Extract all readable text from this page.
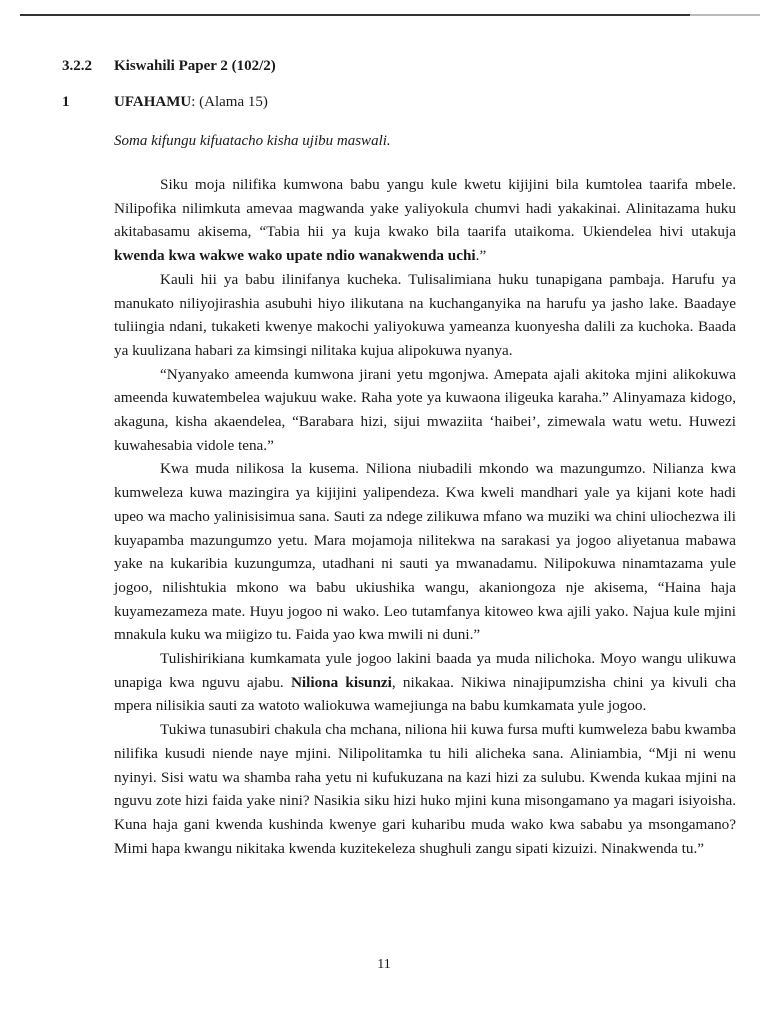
3.2.2 Kiswahili Paper 2 (102/2)
1	UFAHAMU: (Alama 15)
Soma kifungu kifuatacho kisha ujibu maswali.

Siku moja nilifika kumwona babu yangu kule kwetu kijijini bila kumtolea taarifa mbele. Nilipofika nilimkuta amevaa magwanda yake yaliyokula chumvi hadi yakakinai. Alinitazama huku akitabasamu akisema, “Tabia hii ya kuja kwako bila taarifa utaikoma. Ukiendelea hivi utakuja kwenda kwa wakwe wako upate ndio wanakwenda uchi.”

Kauli hii ya babu ilinifanya kucheka. Tulisalimiana huku tunapigana pambaja. Harufu ya manukato niliyojirashia asubuhi hiyo ilikutana na kuchanganyika na harufu ya jasho lake. Baadaye tuliingia ndani, tukaketi kwenye makochi yaliyokuwa yameanza kuonyesha dalili za kuchoka. Baada ya kuulizana habari za kimsingi nilitaka kujua alipokuwa nyanya.

“Nyanyako ameenda kumwona jirani yetu mgonjwa. Amepata ajali akitoka mjini alikokuwa ameenda kuwatembelea wajukuu wake. Raha yote ya kuwaona iligeuka karaha.” Alinyamaza kidogo, akaguna, kisha akaendelea, “Barabara hizi, sijui mwaziita ‘haibei’, zimewala watu wetu. Huwezi kuwahesabia vidole tena.”

Kwa muda nilikosa la kusema. Niliona niubadili mkondo wa mazungumzo. Nilianza kwa kumweleza kuwa mazingira ya kijijini yalipendeza. Kwa kweli mandhari yale ya kijani kote hadi upeo wa macho yalinisisimua sana. Sauti za ndege zilikuwa mfano wa muziki wa chini uliochezwa ili kuyapamba mazungumzo yetu. Mara mojamoja nilitekwa na sarakasi ya jogoo aliyetanua mabawa yake na kukaribia kuzungumza, utadhani ni sauti ya mwanadamu. Nilipokuwa ninamtazama yule jogoo, nilishtukia mkono wa babu ukiushika wangu, akaniongoza nje akisema, “Haina haja kuyamezameza mate. Huyu jogoo ni wako. Leo tutamfanya kitoweo kwa ajili yako. Najua kule mjini mnakula kuku wa miigizo tu. Faida yao kwa mwili ni duni.”

Tulishirikiana kumkamata yule jogoo lakini baada ya muda nilichoka. Moyo wangu ulikuwa unapiga kwa nguvu ajabu. Niliona kisunzi, nikakaa. Nikiwa ninajipumzisha chini ya kivuli cha mpera nilisikia sauti za watoto waliokuwa wamejiunga na babu kumkamata yule jogoo.

Tukiwa tunasubiri chakula cha mchana, niliona hii kuwa fursa mufti kumweleza babu kwamba nilifika kusudi niende naye mjini. Nilipolitamka tu hili alicheka sana. Aliniambia, “Mji ni wenu nyinyi. Sisi watu wa shamba raha yetu ni kufukuzana na kazi hizi za sulubu. Kwenda kukaa mjini na nguvu zote hizi faida yake nini? Nasikia siku hizi huko mjini kuna misongamano ya magari isiyoisha. Kuna haja gani kwenda kushinda kwenye gari kuharibu muda wako kwa sababu ya msongamano? Mimi hapa kwangu nikitaka kwenda kuzitekeleza shughuli zangu sipati kizuizi. Ninakwenda tu.”

11
